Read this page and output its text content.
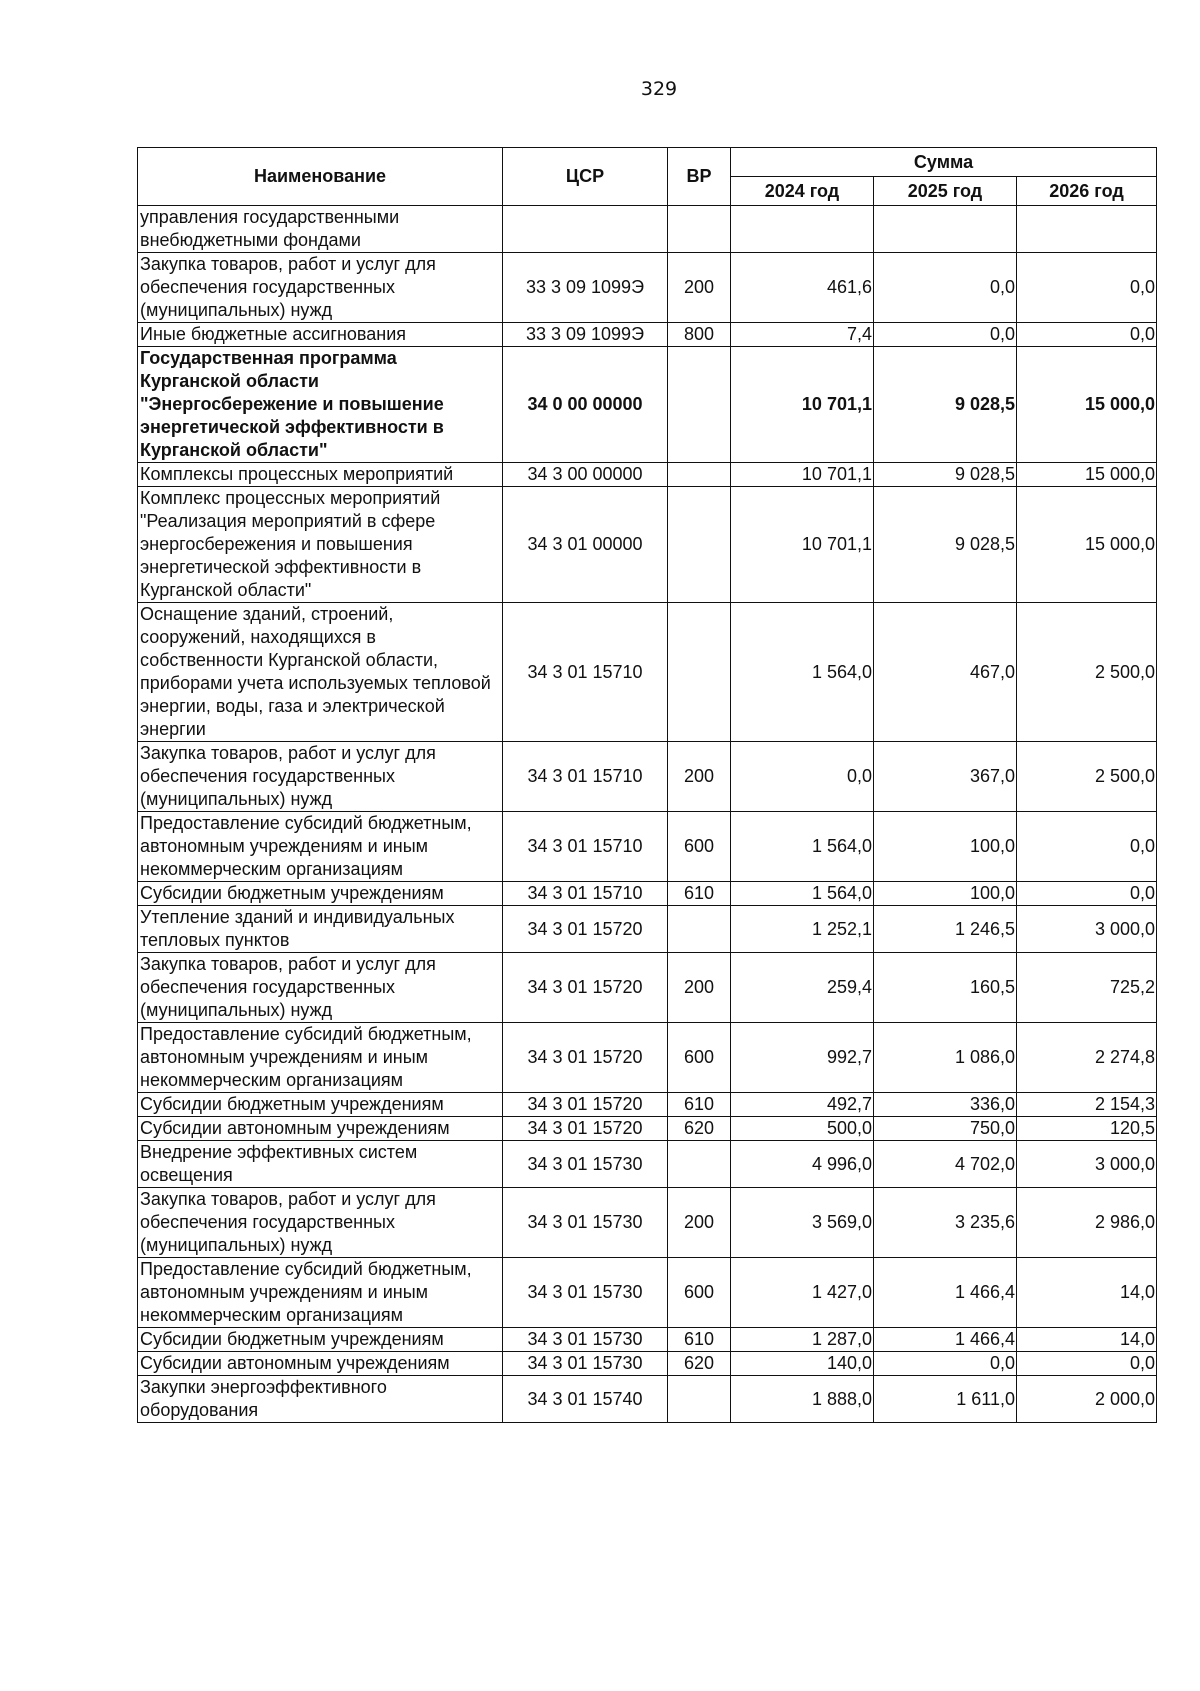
329
Наименование	ЦСР	ВР	Сумма		
			2024 год	2025 год	2026 год
управления государственными внебюджетными фондами					
Закупка товаров, работ и услуг для обеспечения государственных (муниципальных) нужд	33 3 09 1099Э	200	461,6	0,0	0,0
Иные бюджетные ассигнования	33 3 09 1099Э	800	7,4	0,0	0,0
Государственная программа Курганской области "Энергосбережение и повышение энергетической эффективности в Курганской области"	34 0 00 00000		10 701,1	9 028,5	15 000,0
Комплексы процессных мероприятий	34 3 00 00000		10 701,1	9 028,5	15 000,0
Комплекс процессных мероприятий "Реализация мероприятий в сфере энергосбережения и повышения энергетической эффективности в Курганской области"	34 3 01 00000		10 701,1	9 028,5	15 000,0
Оснащение зданий, строений, сооружений, находящихся в собственности Курганской области, приборами учета используемых тепловой энергии, воды, газа и электрической энергии	34 3 01 15710		1 564,0	467,0	2 500,0
Закупка товаров, работ и услуг для обеспечения государственных (муниципальных) нужд	34 3 01 15710	200	0,0	367,0	2 500,0
Предоставление субсидий бюджетным, автономным учреждениям и иным некоммерческим организациям	34 3 01 15710	600	1 564,0	100,0	0,0
Субсидии бюджетным учреждениям	34 3 01 15710	610	1 564,0	100,0	0,0
Утепление зданий и индивидуальных тепловых пунктов	34 3 01 15720		1 252,1	1 246,5	3 000,0
Закупка товаров, работ и услуг для обеспечения государственных (муниципальных) нужд	34 3 01 15720	200	259,4	160,5	725,2
Предоставление субсидий бюджетным, автономным учреждениям и иным некоммерческим организациям	34 3 01 15720	600	992,7	1 086,0	2 274,8
Субсидии бюджетным учреждениям	34 3 01 15720	610	492,7	336,0	2 154,3
Субсидии автономным учреждениям	34 3 01 15720	620	500,0	750,0	120,5
Внедрение эффективных систем освещения	34 3 01 15730		4 996,0	4 702,0	3 000,0
Закупка товаров, работ и услуг для обеспечения государственных (муниципальных) нужд	34 3 01 15730	200	3 569,0	3 235,6	2 986,0
Предоставление субсидий бюджетным, автономным учреждениям и иным некоммерческим организациям	34 3 01 15730	600	1 427,0	1 466,4	14,0
Субсидии бюджетным учреждениям	34 3 01 15730	610	1 287,0	1 466,4	14,0
Субсидии автономным учреждениям	34 3 01 15730	620	140,0	0,0	0,0
Закупки энергоэффективного оборудования	34 3 01 15740		1 888,0	1 611,0	2 000,0
